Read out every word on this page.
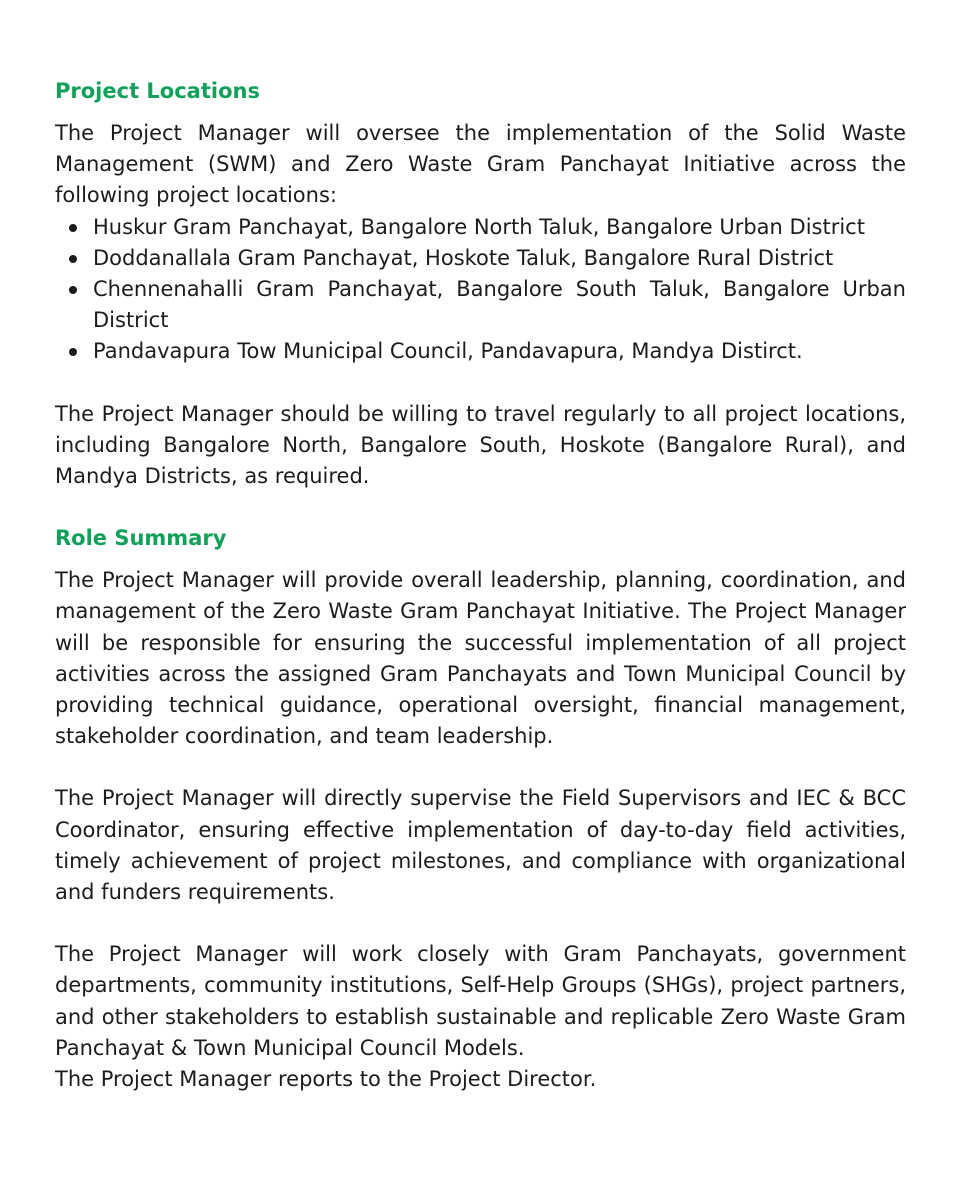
Project Locations

The Project Manager will oversee the implementation of the Solid Waste Management (SWM) and Zero Waste Gram Panchayat Initiative across the following project locations:

Huskur Gram Panchayat, Bangalore North Taluk, Bangalore Urban District
Doddanallala Gram Panchayat, Hoskote Taluk, Bangalore Rural District
Chennenahalli Gram Panchayat, Bangalore South Taluk, Bangalore Urban District
Pandavapura Tow Municipal Council, Pandavapura, Mandya Distirct.

The Project Manager should be willing to travel regularly to all project locations, including Bangalore North, Bangalore South, Hoskote (Bangalore Rural), and Mandya Districts, as required.

Role Summary

The Project Manager will provide overall leadership, planning, coordination, and management of the Zero Waste Gram Panchayat Initiative. The Project Manager will be responsible for ensuring the successful implementation of all project activities across the assigned Gram Panchayats and Town Municipal Council by providing technical guidance, operational oversight, financial management, stakeholder coordination, and team leadership.

The Project Manager will directly supervise the Field Supervisors and IEC & BCC Coordinator, ensuring effective implementation of day-to-day field activities, timely achievement of project milestones, and compliance with organizational and funders requirements.

The Project Manager will work closely with Gram Panchayats, government departments, community institutions, Self-Help Groups (SHGs), project partners, and other stakeholders to establish sustainable and replicable Zero Waste Gram Panchayat & Town Municipal Council Models.

The Project Manager reports to the Project Director.
